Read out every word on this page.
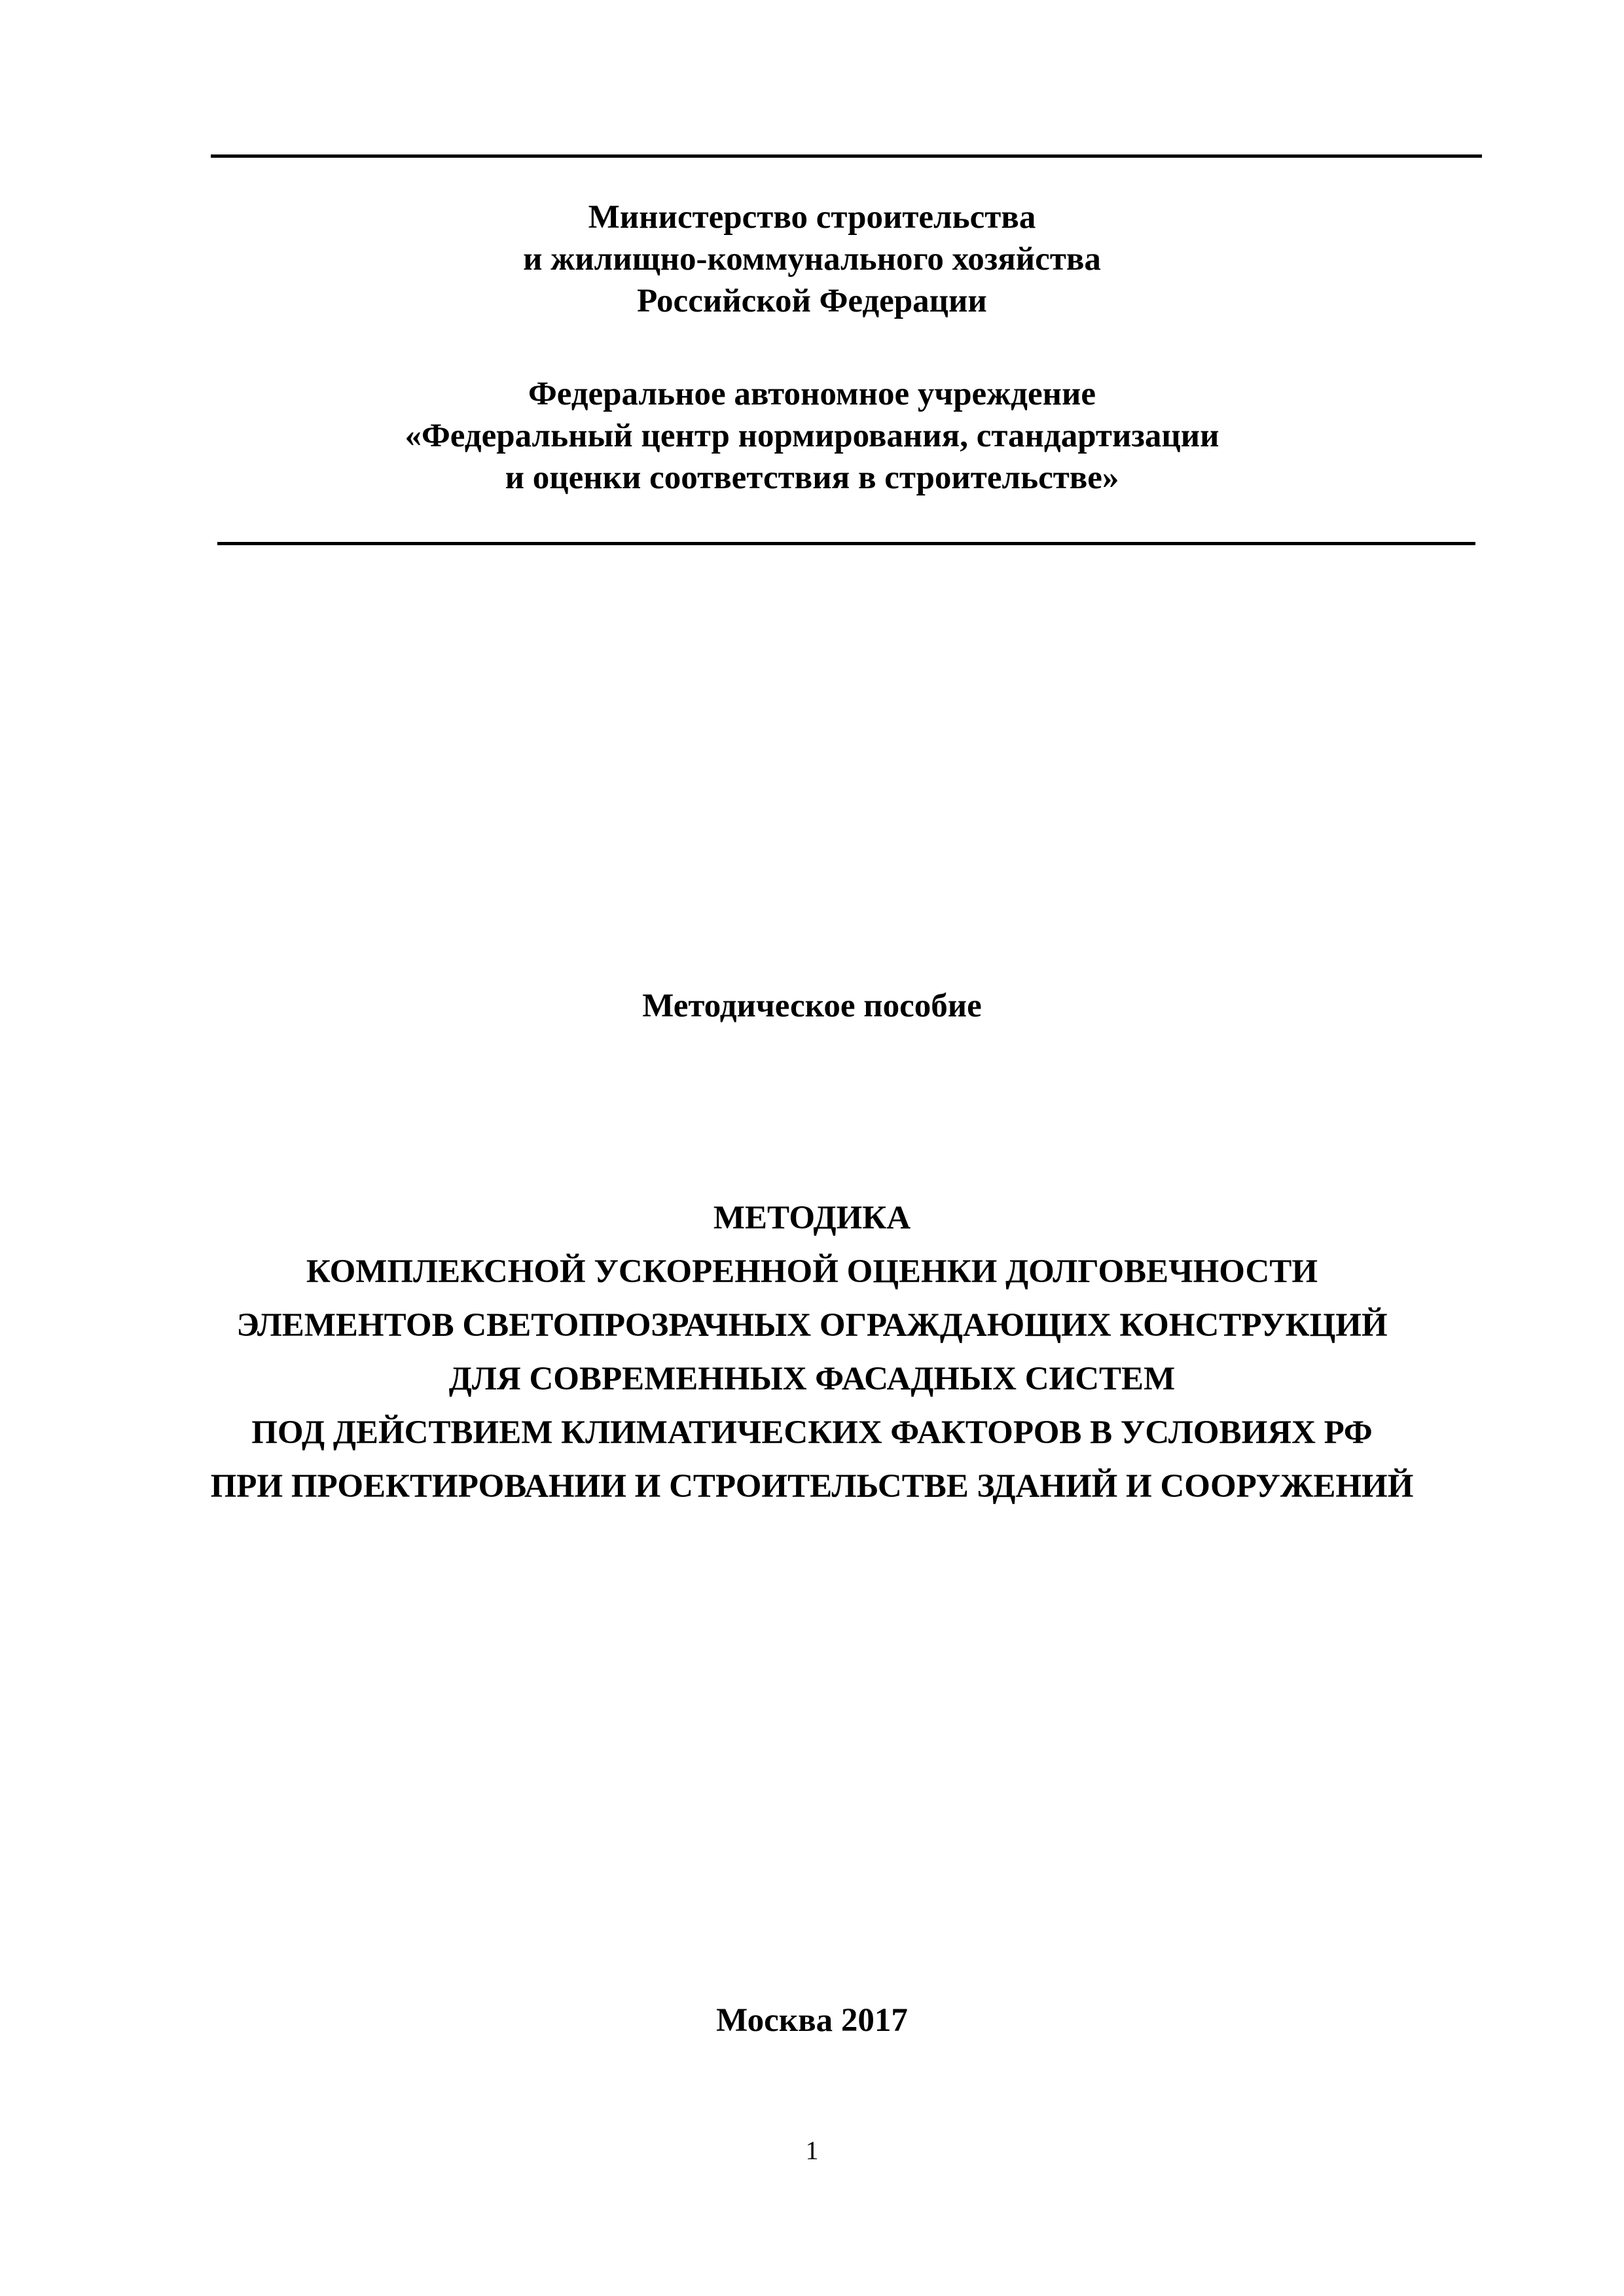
Министерство строительства
и жилищно-коммунального хозяйства
Российской Федерации
Федеральное автономное учреждение
«Федеральный центр нормирования, стандартизации
и оценки соответствия в строительстве»
Методическое пособие
МЕТОДИКА
КОМПЛЕКСНОЙ УСКОРЕННОЙ ОЦЕНКИ ДОЛГОВЕЧНОСТИ
ЭЛЕМЕНТОВ СВЕТОПРОЗРАЧНЫХ ОГРАЖДАЮЩИХ КОНСТРУКЦИЙ
ДЛЯ СОВРЕМЕННЫХ ФАСАДНЫХ СИСТЕМ
ПОД ДЕЙСТВИЕМ КЛИМАТИЧЕСКИХ ФАКТОРОВ В УСЛОВИЯХ РФ
ПРИ ПРОЕКТИРОВАНИИ И СТРОИТЕЛЬСТВЕ ЗДАНИЙ И СООРУЖЕНИЙ
Москва 2017
1
